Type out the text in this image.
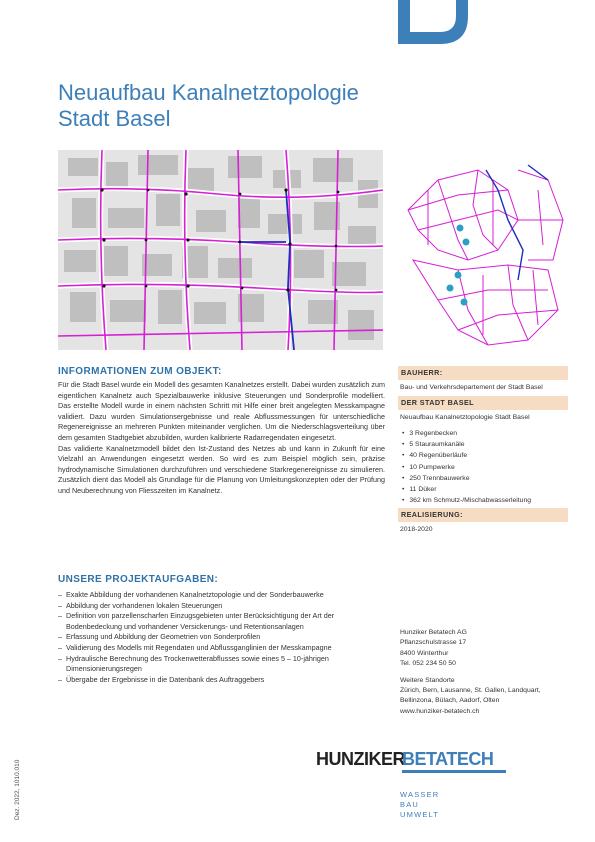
Neuaufbau Kanalnetztopologie
Stadt Basel
INFORMATIONEN ZUM OBJEKT:

Für die Stadt Basel wurde ein Modell des gesamten Kanalnetzes erstellt. Dabei wurden zusätzlich zum eigentlichen Kanalnetz auch Spezialbauwerke inklusive Steuerungen und Sonderprofile modelliert. Das erstellte Modell wurde in einem nächsten Schritt mit Hilfe einer breit angelegten Messkampagne validiert. Dazu wurden Simulationsergebnisse und reale Abflussmessungen für unterschiedliche Regenereignisse an mehreren Punkten miteinander verglichen. Um die Niederschlagsverteilung über dem gesamten Stadtgebiet abzubilden, wurden kalibrierte Radarregendaten eingesetzt.

Das validierte Kanalnetzmodell bildet den Ist-Zustand des Netzes ab und kann in Zukunft für eine Vielzahl an Anwendungen eingesetzt werden. So wird es zum Beispiel möglich sein, präzise hydrodynamische Simulationen durchzuführen und verschiedene Starkregenereignisse zu simulieren. Zusätzlich dient das Modell als Grundlage für die Planung von Umleitungskonzepten oder der Prüfung und Neuberechnung von Fliesszeiten im Kanalnetz.

UNSERE PROJEKTAUFGABEN:
– Exakte Abbildung der vorhandenen Kanalnetztopologie und der Sonderbauwerke
– Abbildung der vorhandenen lokalen Steuerungen
– Definition von parzellenscharfen Einzugsgebieten unter Berücksichtigung der Art der Bodenbedeckung und vorhandener Versickerungs- und Retentionsanlagen
– Erfassung und Abbildung der Geometrien von Sonderprofilen
– Validierung des Modells mit Regendaten und Abflussganglinien der Messkampagne
– Hydraulische Berechnung des Trockenwetterabflusses sowie eines 5 – 10-jährigen Dimensionierungsregen
– Übergabe der Ergebnisse in die Datenbank des Auftraggebers
BAUHERR:
Bau- und Verkehrsdepartement der Stadt Basel
DER STADT BASEL
Neuaufbau Kanalnetztopologie Stadt Basel
• 3 Regenbecken
• 5 Stauraumkanäle
• 40 Regenüberläufe
• 10 Pumpwerke
• 250 Trennbauwerke
• 11 Düker
• 362 km Schmutz-/Mischabwasserleitung
REALISIERUNG:
2018-2020
Hunziker Betatech AG
Pflanzschulstrasse 17
8400 Winterthur
Tel. 052 234 50 50
Weitere Standorte
Zürich, Bern, Lausanne, St. Gallen, Landquart,
Bellinzona, Bülach, Aadorf, Olten
www.hunziker-betatech.ch
HUNZIKER
BETATECH
WASSER
BAU
UMWELT
Dez. 2022, 1010.010
